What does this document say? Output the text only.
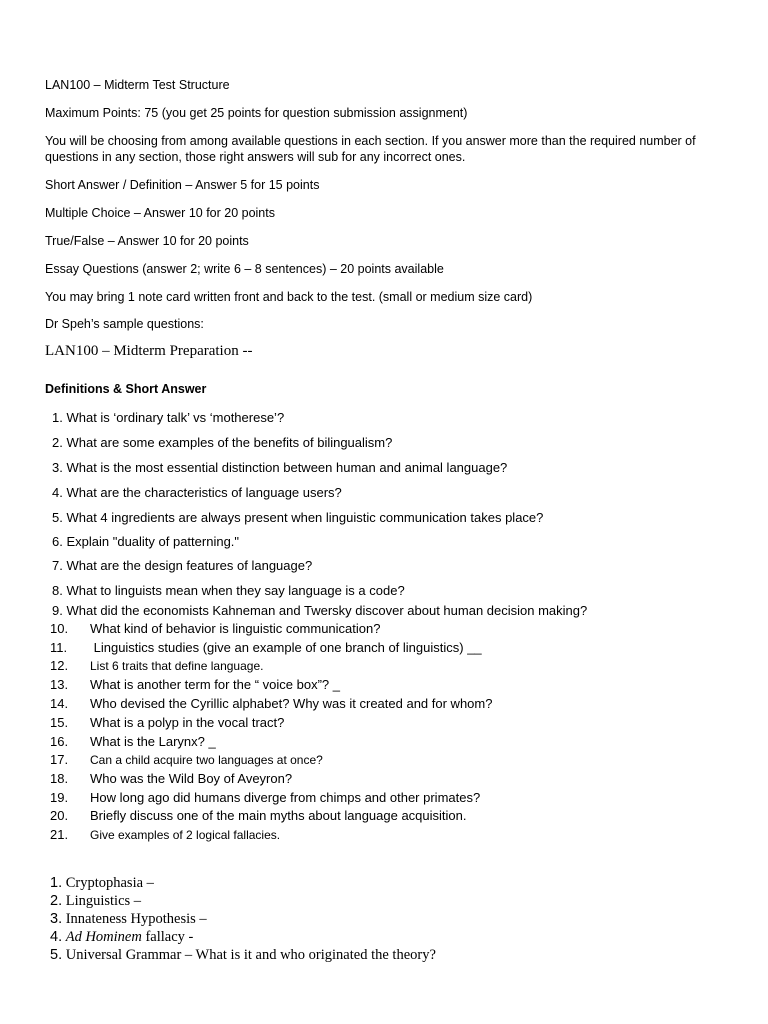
LAN100 – Midterm Test Structure
Maximum Points: 75 (you get 25 points for question submission assignment)
You will be choosing from among available questions in each section. If you answer more than the required number of questions in any section, those right answers will sub for any incorrect ones.
Short Answer / Definition – Answer 5 for 15 points
Multiple Choice – Answer 10 for 20 points
True/False – Answer 10 for 20 points
Essay Questions (answer 2; write 6 – 8 sentences) – 20 points available
You may bring 1 note card written front and back to the test. (small or medium size card)
Dr Speh’s sample questions:
LAN100 – Midterm Preparation --
Definitions & Short Answer
1. What is ‘ordinary talk’ vs ‘motherese’?
2. What are some examples of the benefits of bilingualism?
3. What is the most essential distinction between human and animal language?
4. What are the characteristics of language users?
5. What 4 ingredients are always present when linguistic communication takes place?
6. Explain "duality of patterning."
7. What are the design features of language?
8. What to linguists mean when they say language is a code?
9. What did the economists Kahneman and Twersky discover about human decision making?
10. What kind of behavior is linguistic communication?
11. Linguistics studies (give an example of one branch of linguistics) __
12. List 6 traits that define language.
13. What is another term for the “ voice box”? _
14. Who devised the Cyrillic alphabet? Why was it created and for whom?
15. What is a polyp in the vocal tract?
16. What is the Larynx? _
17. Can a child acquire two languages at once?
18. Who was the Wild Boy of Aveyron?
19. How long ago did humans diverge from chimps and other primates?
20. Briefly discuss one of the main myths about language acquisition.
21. Give examples of 2 logical fallacies.
1. Cryptophasia –
2. Linguistics –
3. Innateness Hypothesis –
4. Ad Hominem fallacy -
5. Universal Grammar – What is it and who originated the theory?
